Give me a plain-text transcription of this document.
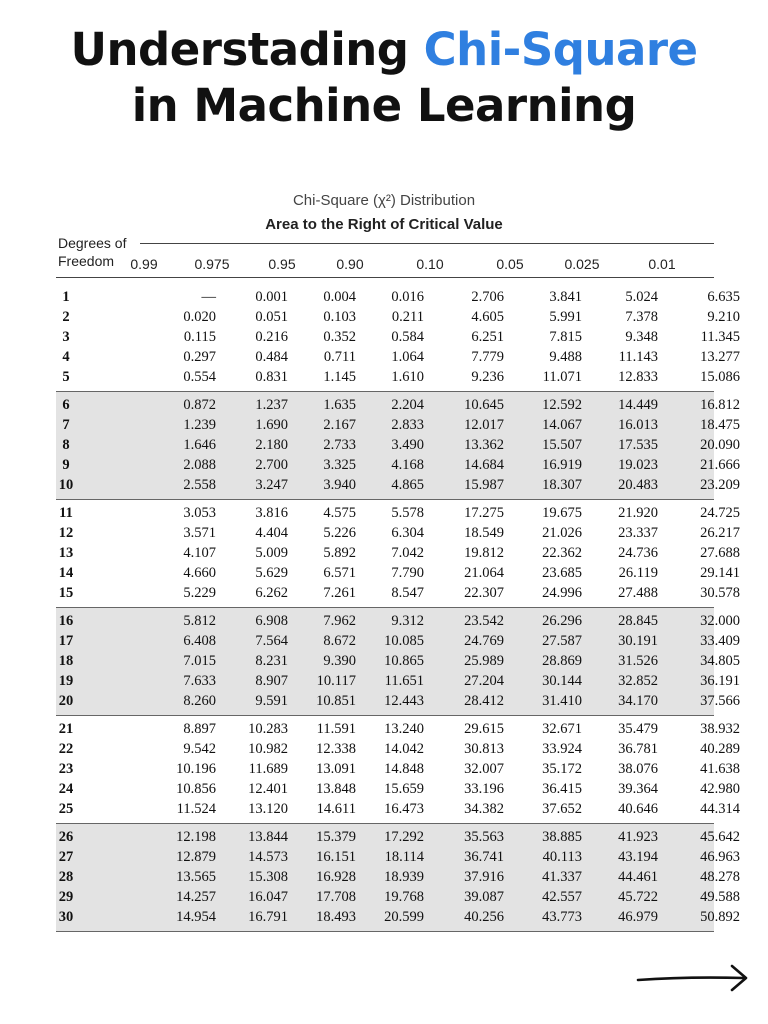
Understading Chi-Square
in Machine Learning
Chi-Square (χ²) Distribution
Area to the Right of Critical Value
Degrees of Freedom	0.99	0.975	0.95	0.90	0.10	0.05	0.025	0.01
1	—	0.001	0.004	0.016	2.706	3.841	5.024	6.635
2	0.020	0.051	0.103	0.211	4.605	5.991	7.378	9.210
3	0.115	0.216	0.352	0.584	6.251	7.815	9.348	11.345
4	0.297	0.484	0.711	1.064	7.779	9.488	11.143	13.277
5	0.554	0.831	1.145	1.610	9.236	11.071	12.833	15.086
6	0.872	1.237	1.635	2.204	10.645	12.592	14.449	16.812
7	1.239	1.690	2.167	2.833	12.017	14.067	16.013	18.475
8	1.646	2.180	2.733	3.490	13.362	15.507	17.535	20.090
9	2.088	2.700	3.325	4.168	14.684	16.919	19.023	21.666
10	2.558	3.247	3.940	4.865	15.987	18.307	20.483	23.209
11	3.053	3.816	4.575	5.578	17.275	19.675	21.920	24.725
12	3.571	4.404	5.226	6.304	18.549	21.026	23.337	26.217
13	4.107	5.009	5.892	7.042	19.812	22.362	24.736	27.688
14	4.660	5.629	6.571	7.790	21.064	23.685	26.119	29.141
15	5.229	6.262	7.261	8.547	22.307	24.996	27.488	30.578
16	5.812	6.908	7.962	9.312	23.542	26.296	28.845	32.000
17	6.408	7.564	8.672	10.085	24.769	27.587	30.191	33.409
18	7.015	8.231	9.390	10.865	25.989	28.869	31.526	34.805
19	7.633	8.907	10.117	11.651	27.204	30.144	32.852	36.191
20	8.260	9.591	10.851	12.443	28.412	31.410	34.170	37.566
21	8.897	10.283	11.591	13.240	29.615	32.671	35.479	38.932
22	9.542	10.982	12.338	14.042	30.813	33.924	36.781	40.289
23	10.196	11.689	13.091	14.848	32.007	35.172	38.076	41.638
24	10.856	12.401	13.848	15.659	33.196	36.415	39.364	42.980
25	11.524	13.120	14.611	16.473	34.382	37.652	40.646	44.314
26	12.198	13.844	15.379	17.292	35.563	38.885	41.923	45.642
27	12.879	14.573	16.151	18.114	36.741	40.113	43.194	46.963
28	13.565	15.308	16.928	18.939	37.916	41.337	44.461	48.278
29	14.257	16.047	17.708	19.768	39.087	42.557	45.722	49.588
30	14.954	16.791	18.493	20.599	40.256	43.773	46.979	50.892
